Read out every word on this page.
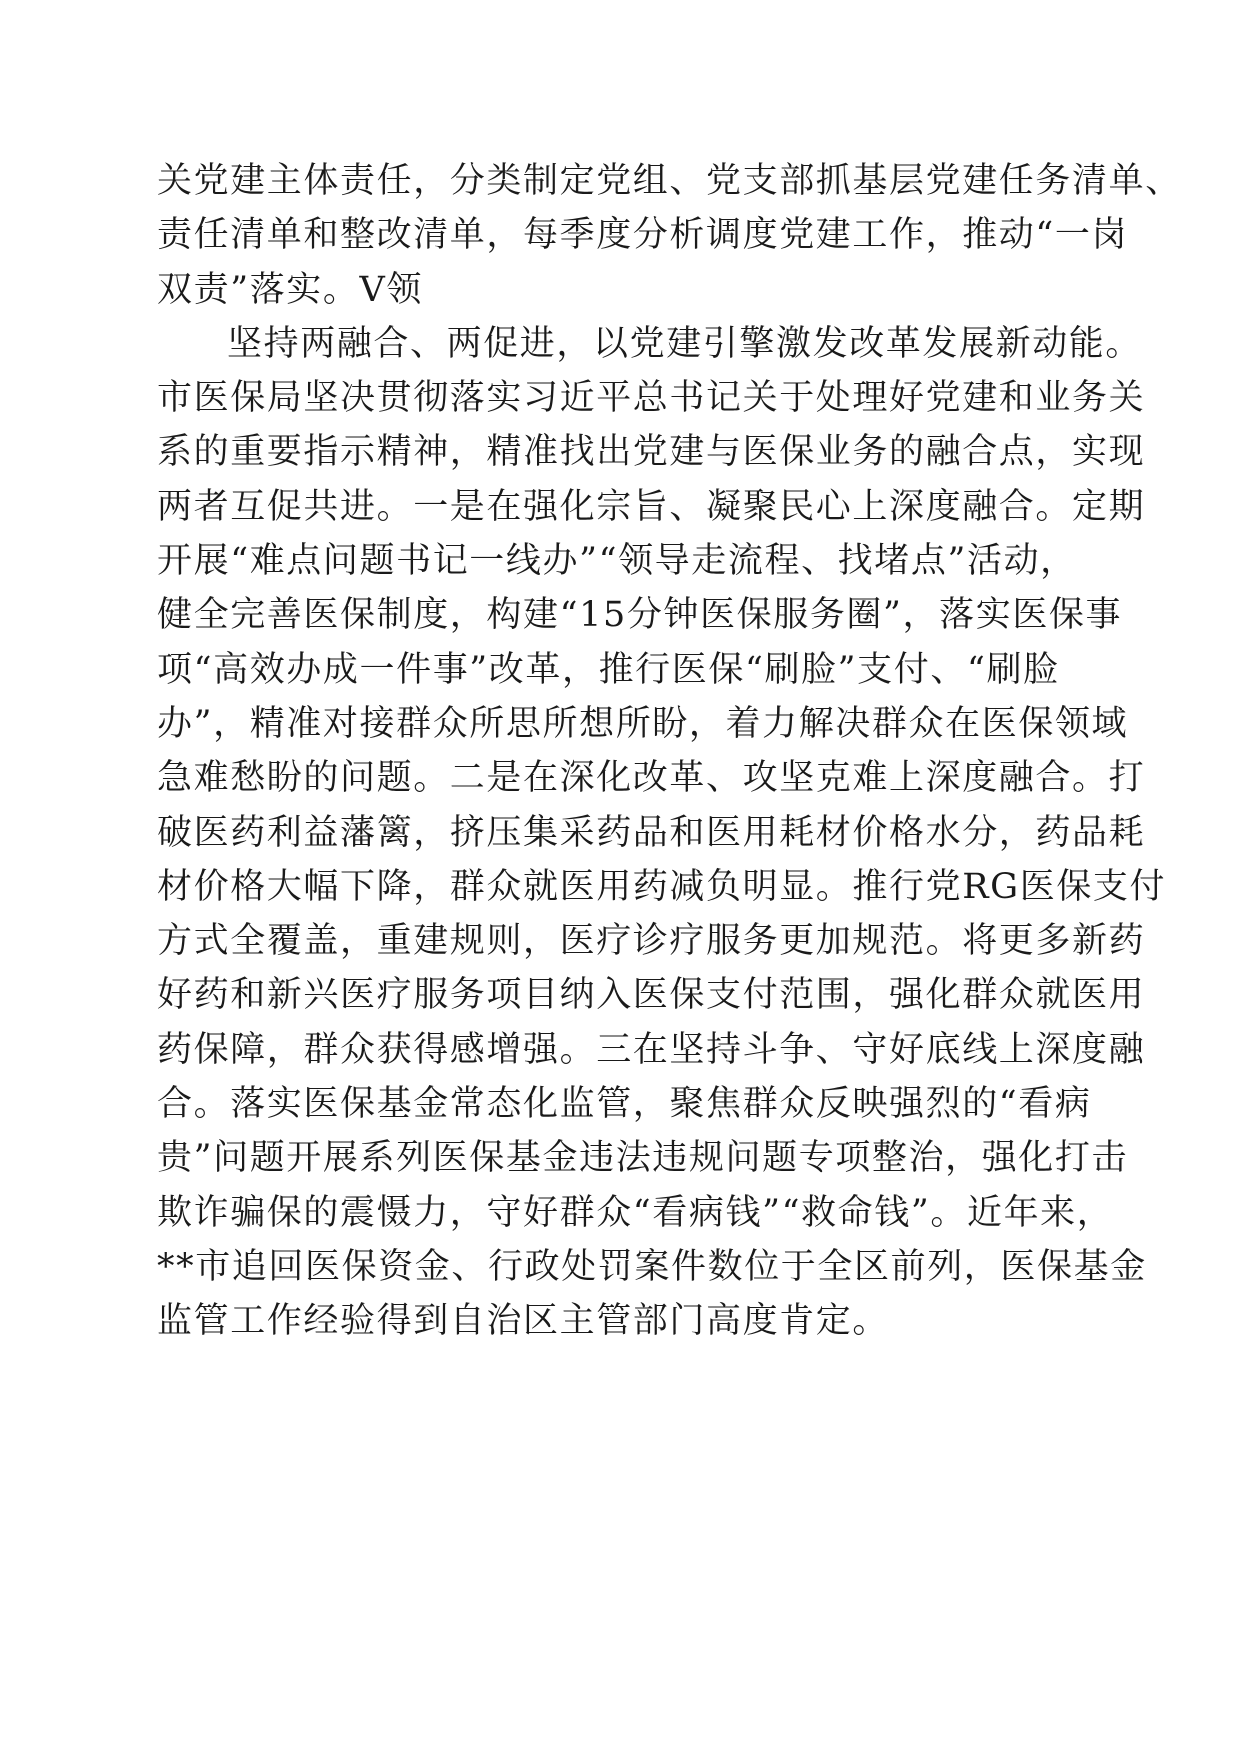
关党建主体责任，分类制定党组、党支部抓基层党建任务清单、
责任清单和整改清单，每季度分析调度党建工作，推动“一岗
双责”落实。V领
坚持两融合、两促进，以党建引擎激发改革发展新动能。
市医保局坚决贯彻落实习近平总书记关于处理好党建和业务关
系的重要指示精神，精准找出党建与医保业务的融合点，实现
两者互促共进。一是在强化宗旨、凝聚民心上深度融合。定期
开展“难点问题书记一线办”“领导走流程、找堵点”活动，
健全完善医保制度，构建“15分钟医保服务圈”，落实医保事
项“高效办成一件事”改革，推行医保“刷脸”支付、“刷脸
办”，精准对接群众所思所想所盼，着力解决群众在医保领域
急难愁盼的问题。二是在深化改革、攻坚克难上深度融合。打
破医药利益藩篱，挤压集采药品和医用耗材价格水分，药品耗
材价格大幅下降，群众就医用药减负明显。推行党RG医保支付
方式全覆盖，重建规则，医疗诊疗服务更加规范。将更多新药
好药和新兴医疗服务项目纳入医保支付范围，强化群众就医用
药保障，群众获得感增强。三在坚持斗争、守好底线上深度融
合。落实医保基金常态化监管，聚焦群众反映强烈的“看病
贵”问题开展系列医保基金违法违规问题专项整治，强化打击
欺诈骗保的震慑力，守好群众“看病钱”“救命钱”。近年来，
**市追回医保资金、行政处罚案件数位于全区前列，医保基金
监管工作经验得到自治区主管部门高度肯定。
